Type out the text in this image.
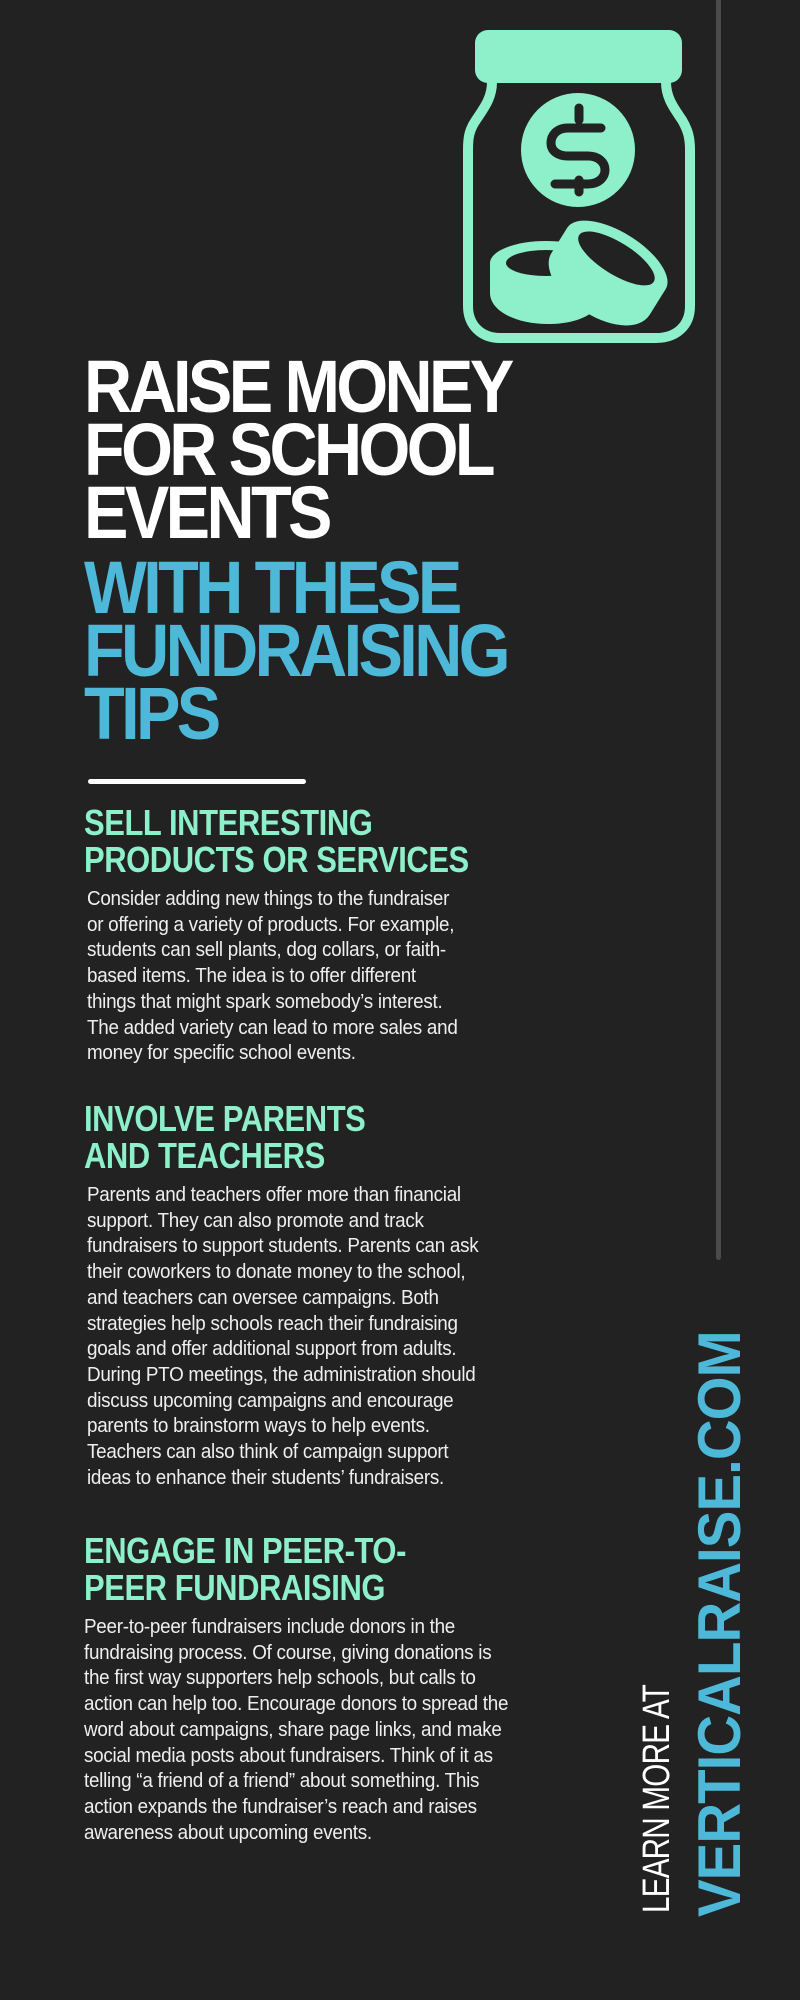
RAISE MONEY
FOR SCHOOL
EVENTS
WITH THESE
FUNDRAISING
TIPS
SELL INTERESTING
PRODUCTS OR SERVICES
Consider adding new things to the fundraiser
or offering a variety of products. For example,
students can sell plants, dog collars, or faith-
based items. The idea is to offer different
things that might spark somebody’s interest.
The added variety can lead to more sales and
money for specific school events.
INVOLVE PARENTS
AND TEACHERS
Parents and teachers offer more than financial
support. They can also promote and track
fundraisers to support students. Parents can ask
their coworkers to donate money to the school,
and teachers can oversee campaigns. Both
strategies help schools reach their fundraising
goals and offer additional support from adults.
During PTO meetings, the administration should
discuss upcoming campaigns and encourage
parents to brainstorm ways to help events.
Teachers can also think of campaign support
ideas to enhance their students’ fundraisers.
ENGAGE IN PEER-TO-
PEER FUNDRAISING
Peer-to-peer fundraisers include donors in the
fundraising process. Of course, giving donations is
the first way supporters help schools, but calls to
action can help too. Encourage donors to spread the
word about campaigns, share page links, and make
social media posts about fundraisers. Think of it as
telling “a friend of a friend” about something. This
action expands the fundraiser’s reach and raises
awareness about upcoming events.	LEARN MORE AT VERTICALRAISE.COM
